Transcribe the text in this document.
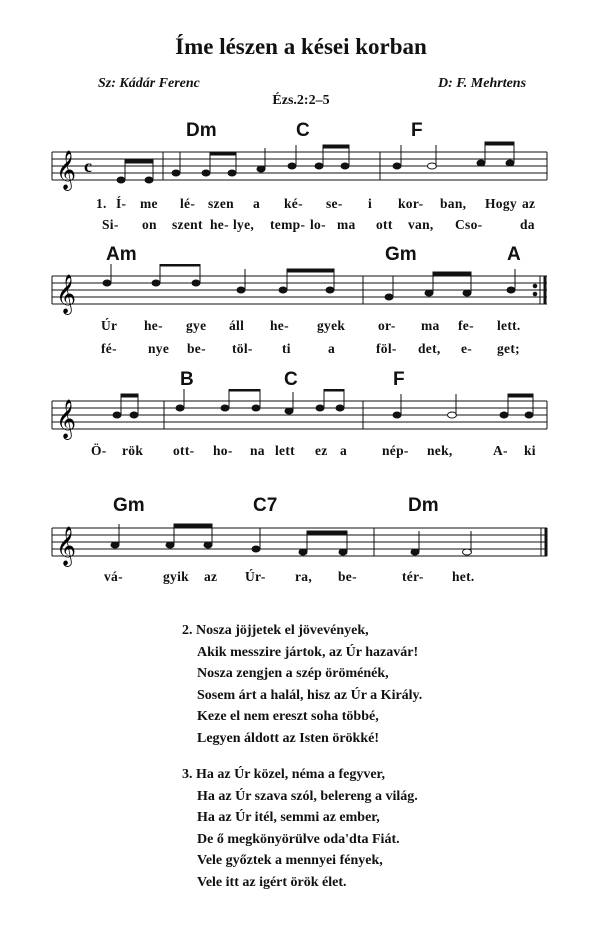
Íme lészen a kései korban
Sz: Kádár Ferenc	D: F. Mehrtens
Ézs.2:2–5
Dm	C	F
𝄞 c
1. Í- me lé- szen a ké- se- i kor- ban, Hogy az
Si- on szent he- lye, temp- lo- ma ott van, Cso-	da
Am	Gm	A
𝄞
Úr he- gye áll he- gyek or- ma fe- lett.
fé- nye be- töl- ti	a	föl- det, e- get;
B	C	F
𝄞
Ö- rök ott- ho- na lett ez a	nép- nek,	A- ki
Gm	C7	Dm
𝄞
vá-	gyik az Úr- ra, be-	tér- het.
2. Nosza jöjjetek el jövevények,
Akik messzire jártok, az Úr hazavár!
Nosza zengjen a szép öröménék,
Sosem árt a halál, hisz az Úr a Király.
Keze el nem ereszt soha többé,
Legyen áldott az Isten örökké!
3. Ha az Úr közel, néma a fegyver,
Ha az Úr szava szól, belereng a világ.
Ha az Úr itél, semmi az ember,
De ő megkönyörülve oda'dta Fiát.
Vele győztek a mennyei fények,
Vele itt az igért örök élet.
